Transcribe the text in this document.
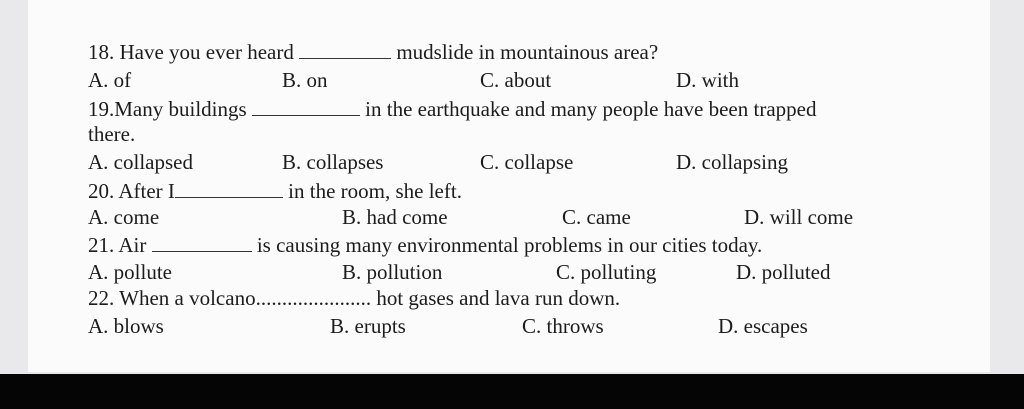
18. Have you ever heard	mudslide in mountainous area?
A. of	B. on	C. about	D. with
19.Many buildings	in the earthquake and many people have been trapped
there.
A. collapsed	B. collapses	C. collapse	D. collapsing
20. After I	in the room, she left.
A. come	B. had come	C. came	D. will come
21. Air	is causing many environmental problems in our cities today.
A. pollute	B. pollution	C. polluting	D. polluted
22. When a volcano...................... hot gases and lava run down.
A. blows	B. erupts	C. throws	D. escapes
